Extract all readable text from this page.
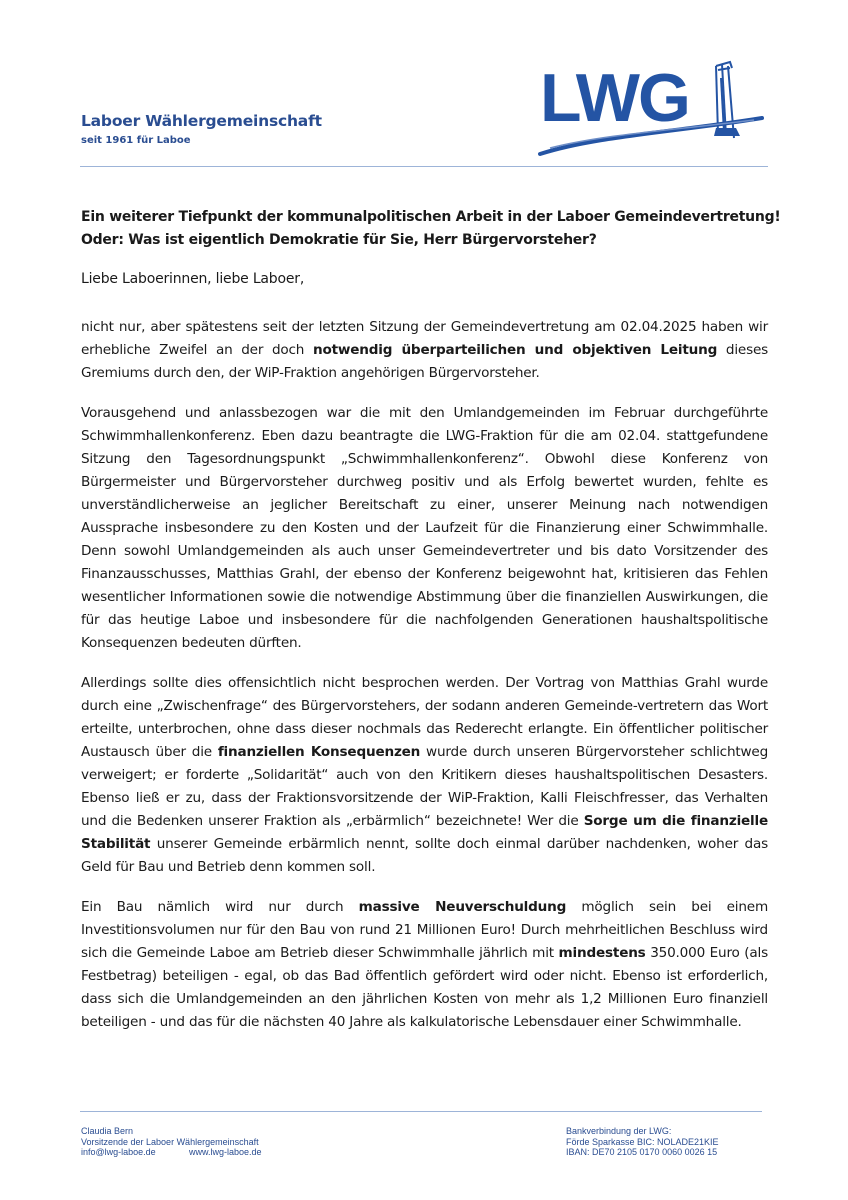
Laboer Wählergemeinschaft
seit 1961 für Laboe
LWG
Ein weiterer Tiefpunkt der kommunalpolitischen Arbeit in der Laboer Gemeindevertretung!
Oder: Was ist eigentlich Demokratie für Sie, Herr Bürgervorsteher?
Liebe Laboerinnen, liebe Laboer,

nicht nur, aber spätestens seit der letzten Sitzung der Gemeindevertretung am 02.04.2025 haben wir erhebliche Zweifel an der doch notwendig überparteilichen und objektiven Leitung dieses Gremiums durch den, der WiP-Fraktion angehörigen Bürgervorsteher.

Vorausgehend und anlassbezogen war die mit den Umlandgemeinden im Februar durchgeführte Schwimmhallenkonferenz. Eben dazu beantragte die LWG-Fraktion für die am 02.04. stattgefundene Sitzung den Tagesordnungspunkt „Schwimmhallenkonferenz“. Obwohl diese Konferenz von Bürgermeister und Bürgervorsteher durchweg positiv und als Erfolg bewertet wurden, fehlte es unverständlicherweise an jeglicher Bereitschaft zu einer, unserer Meinung nach notwendigen Aussprache insbesondere zu den Kosten und der Laufzeit für die Finanzierung einer Schwimmhalle. Denn sowohl Umlandgemeinden als auch unser Gemeindevertreter und bis dato Vorsitzender des Finanzausschusses, Matthias Grahl, der ebenso der Konferenz beigewohnt hat, kritisieren das Fehlen wesentlicher Informationen sowie die notwendige Abstimmung über die finanziellen Auswirkungen, die für das heutige Laboe und insbesondere für die nachfolgenden Generationen haushaltspolitische Konsequenzen bedeuten dürften.

Allerdings sollte dies offensichtlich nicht besprochen werden. Der Vortrag von Matthias Grahl wurde durch eine „Zwischenfrage“ des Bürgervorstehers, der sodann anderen Gemeinde-vertretern das Wort erteilte, unterbrochen, ohne dass dieser nochmals das Rederecht erlangte. Ein öffentlicher politischer Austausch über die finanziellen Konsequenzen wurde durch unseren Bürgervorsteher schlichtweg verweigert; er forderte „Solidarität“ auch von den Kritikern dieses haushaltspolitischen Desasters. Ebenso ließ er zu, dass der Fraktionsvorsitzende der WiP-Fraktion, Kalli Fleischfresser, das Verhalten und die Bedenken unserer Fraktion als „erbärmlich“ bezeichnete! Wer die Sorge um die finanzielle Stabilität unserer Gemeinde erbärmlich nennt, sollte doch einmal darüber nachdenken, woher das Geld für Bau und Betrieb denn kommen soll.

Ein Bau nämlich wird nur durch massive Neuverschuldung möglich sein bei einem Investitionsvolumen nur für den Bau von rund 21 Millionen Euro! Durch mehrheitlichen Beschluss wird sich die Gemeinde Laboe am Betrieb dieser Schwimmhalle jährlich mit mindestens 350.000 Euro (als Festbetrag) beteiligen - egal, ob das Bad öffentlich gefördert wird oder nicht. Ebenso ist erforderlich, dass sich die Umlandgemeinden an den jährlichen Kosten von mehr als 1,2 Millionen Euro finanziell beteiligen - und das für die nächsten 40 Jahre als kalkulatorische Lebensdauer einer Schwimmhalle.

Claudia Bern
Vorsitzende der Laboer Wählergemeinschaft
info@lwg-laboe.de	www.lwg-laboe.de
Bankverbindung der LWG:
Förde Sparkasse BIC: NOLADE21KIE
IBAN: DE70 2105 0170 0060 0026 15
